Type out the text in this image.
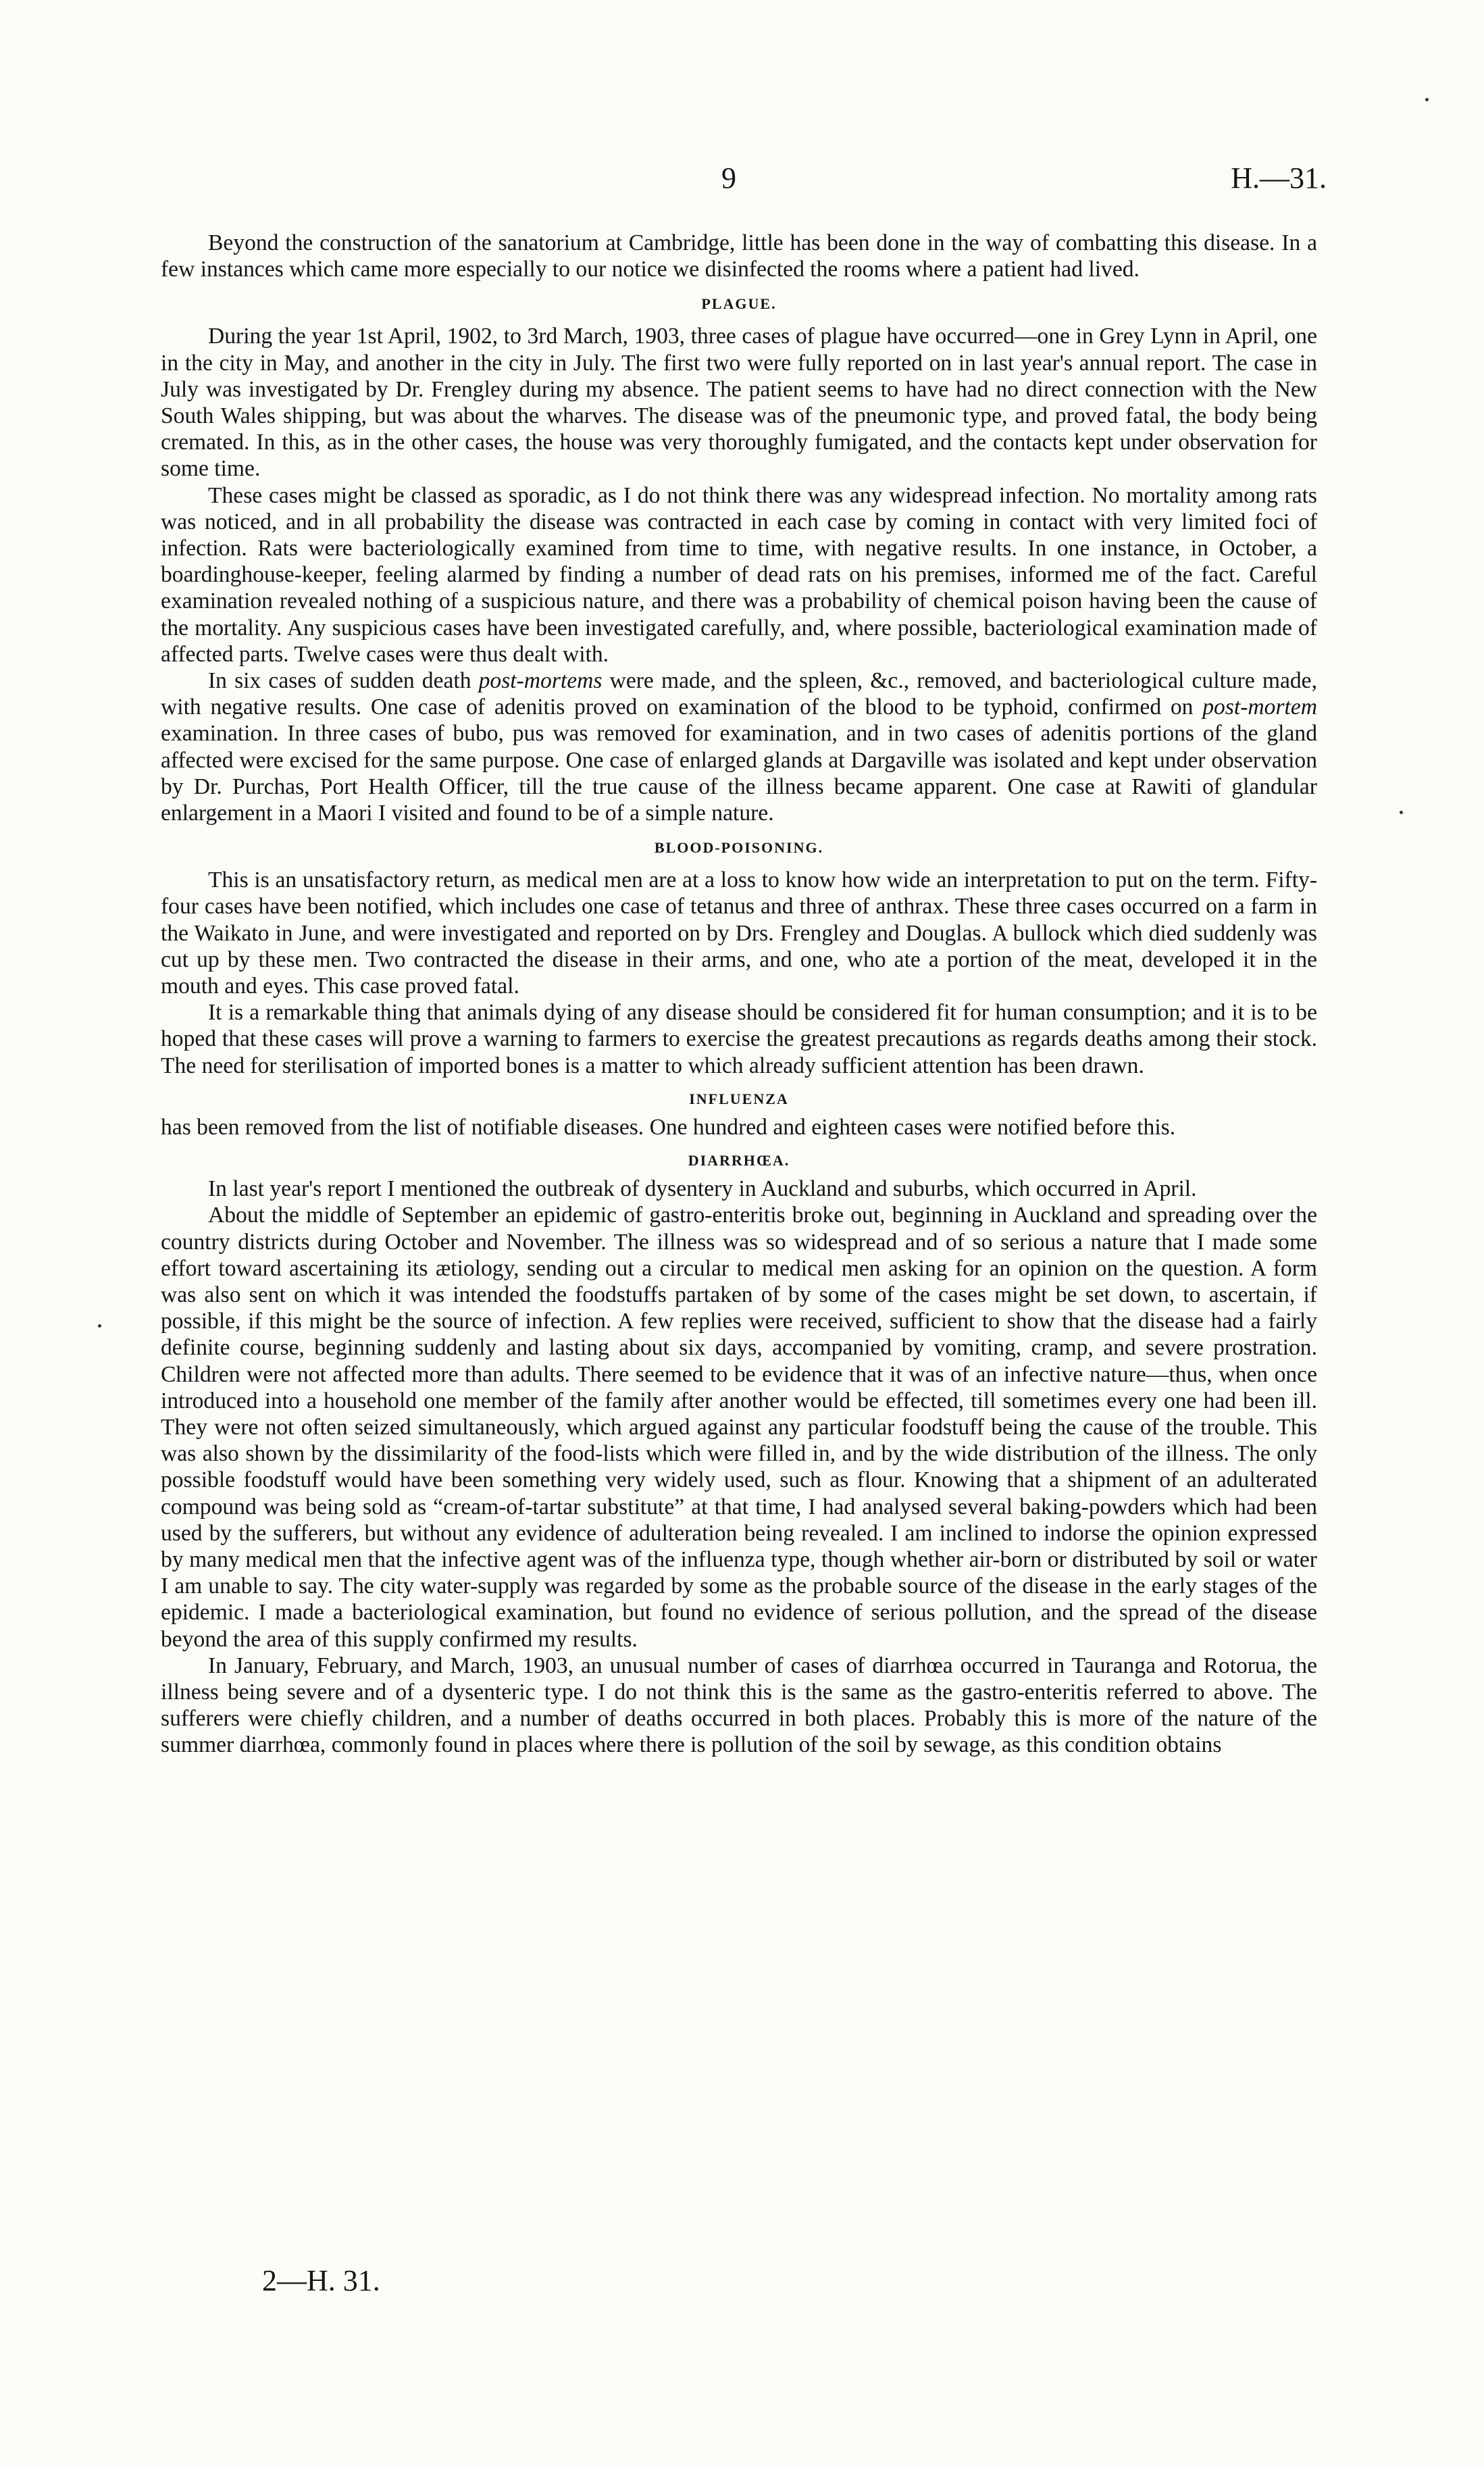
9	H.—31.

Beyond the construction of the sanatorium at Cambridge, little has been done in the way of combatting this disease. In a few instances which came more especially to our notice we disinfected the rooms where a patient had lived.

PLAGUE.

During the year 1st April, 1902, to 3rd March, 1903, three cases of plague have occurred—one in Grey Lynn in April, one in the city in May, and another in the city in July. The first two were fully reported on in last year's annual report. The case in July was investigated by Dr. Frengley during my absence. The patient seems to have had no direct connection with the New South Wales shipping, but was about the wharves. The disease was of the pneumonic type, and proved fatal, the body being cremated. In this, as in the other cases, the house was very thoroughly fumigated, and the contacts kept under observation for some time.

These cases might be classed as sporadic, as I do not think there was any widespread infection. No mortality among rats was noticed, and in all probability the disease was contracted in each case by coming in contact with very limited foci of infection. Rats were bacteriologically examined from time to time, with negative results. In one instance, in October, a boardinghouse-keeper, feeling alarmed by finding a number of dead rats on his premises, informed me of the fact. Careful examination revealed nothing of a suspicious nature, and there was a probability of chemical poison having been the cause of the mortality. Any suspicious cases have been investigated carefully, and, where possible, bacteriological examination made of affected parts. Twelve cases were thus dealt with.

In six cases of sudden death post-mortems were made, and the spleen, &c., removed, and bacteriological culture made, with negative results. One case of adenitis proved on examination of the blood to be typhoid, confirmed on post-mortem examination. In three cases of bubo, pus was removed for examination, and in two cases of adenitis portions of the gland affected were excised for the same purpose. One case of enlarged glands at Dargaville was isolated and kept under observation by Dr. Purchas, Port Health Officer, till the true cause of the illness became apparent. One case at Rawiti of glandular enlargement in a Maori I visited and found to be of a simple nature.

BLOOD-POISONING.

This is an unsatisfactory return, as medical men are at a loss to know how wide an interpretation to put on the term. Fifty-four cases have been notified, which includes one case of tetanus and three of anthrax. These three cases occurred on a farm in the Waikato in June, and were investigated and reported on by Drs. Frengley and Douglas. A bullock which died suddenly was cut up by these men. Two contracted the disease in their arms, and one, who ate a portion of the meat, developed it in the mouth and eyes. This case proved fatal.

It is a remarkable thing that animals dying of any disease should be considered fit for human consumption; and it is to be hoped that these cases will prove a warning to farmers to exercise the greatest precautions as regards deaths among their stock. The need for sterilisation of imported bones is a matter to which already sufficient attention has been drawn.

INFLUENZA

has been removed from the list of notifiable diseases. One hundred and eighteen cases were notified before this.

DIARRHŒA.

In last year's report I mentioned the outbreak of dysentery in Auckland and suburbs, which occurred in April.

About the middle of September an epidemic of gastro-enteritis broke out, beginning in Auckland and spreading over the country districts during October and November. The illness was so widespread and of so serious a nature that I made some effort toward ascertaining its ætiology, sending out a circular to medical men asking for an opinion on the question. A form was also sent on which it was intended the foodstuffs partaken of by some of the cases might be set down, to ascertain, if possible, if this might be the source of infection. A few replies were received, sufficient to show that the disease had a fairly definite course, beginning suddenly and lasting about six days, accompanied by vomiting, cramp, and severe prostration. Children were not affected more than adults. There seemed to be evidence that it was of an infective nature—thus, when once introduced into a household one member of the family after another would be effected, till sometimes every one had been ill. They were not often seized simultaneously, which argued against any particular foodstuff being the cause of the trouble. This was also shown by the dissimilarity of the food-lists which were filled in, and by the wide distribution of the illness. The only possible foodstuff would have been something very widely used, such as flour. Knowing that a shipment of an adulterated compound was being sold as “cream-of-tartar substitute” at that time, I had analysed several baking-powders which had been used by the sufferers, but without any evidence of adulteration being revealed. I am inclined to indorse the opinion expressed by many medical men that the infective agent was of the influenza type, though whether air-born or distributed by soil or water I am unable to say. The city water-supply was regarded by some as the probable source of the disease in the early stages of the epidemic. I made a bacteriological examination, but found no evidence of serious pollution, and the spread of the disease beyond the area of this supply confirmed my results.

In January, February, and March, 1903, an unusual number of cases of diarrhœa occurred in Tauranga and Rotorua, the illness being severe and of a dysenteric type. I do not think this is the same as the gastro-enteritis referred to above. The sufferers were chiefly children, and a number of deaths occurred in both places. Probably this is more of the nature of the summer diarrhœa, commonly found in places where there is pollution of the soil by sewage, as this condition obtains

2—H. 31.
